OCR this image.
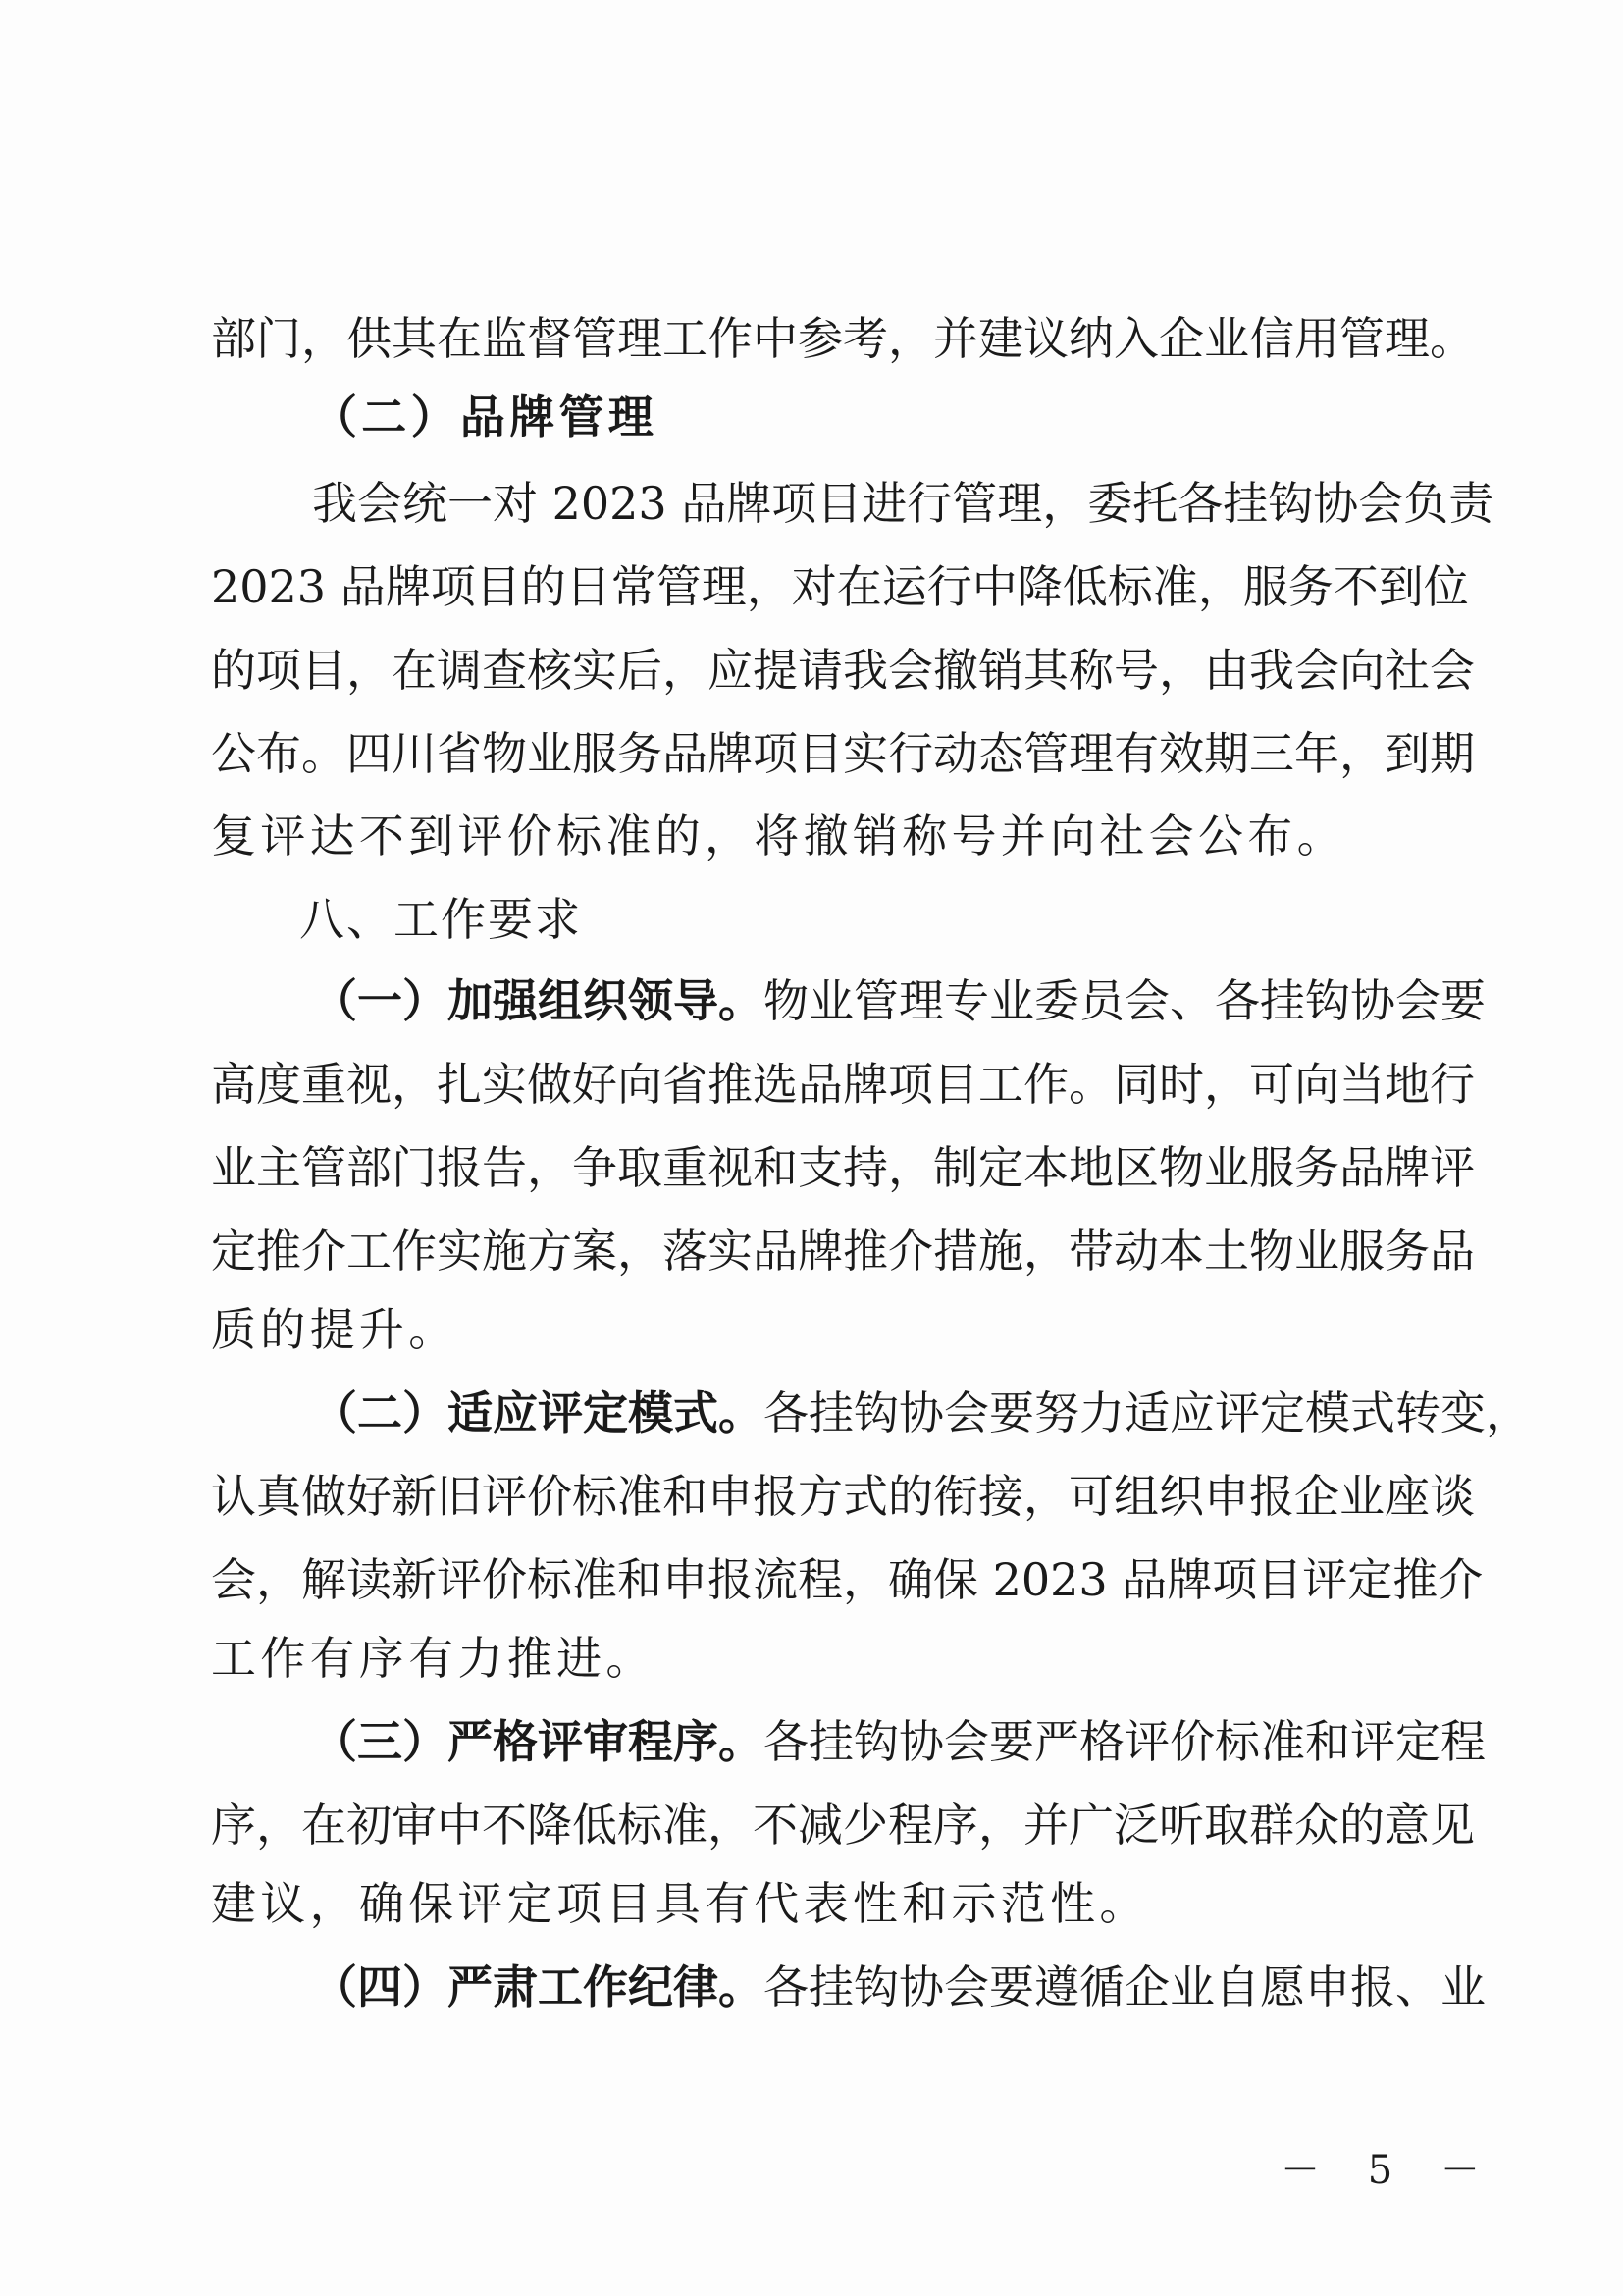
部门，供其在监督管理工作中参考，并建议纳入企业信用管理。
（二）品牌管理
我会统一对 2023 品牌项目进行管理，委托各挂钩协会负责
2023 品牌项目的日常管理，对在运行中降低标准，服务不到位
的项目，在调查核实后，应提请我会撤销其称号，由我会向社会
公布。四川省物业服务品牌项目实行动态管理有效期三年，到期
复评达不到评价标准的，将撤销称号并向社会公布。
八、工作要求
（一）加强组织领导。物业管理专业委员会、各挂钩协会要
高度重视，扎实做好向省推选品牌项目工作。同时，可向当地行
业主管部门报告，争取重视和支持，制定本地区物业服务品牌评
定推介工作实施方案，落实品牌推介措施，带动本土物业服务品
质的提升。
（二）适应评定模式。各挂钩协会要努力适应评定模式转变，
认真做好新旧评价标准和申报方式的衔接，可组织申报企业座谈
会，解读新评价标准和申报流程，确保 2023 品牌项目评定推介
工作有序有力推进。
（三）严格评审程序。各挂钩协会要严格评价标准和评定程
序，在初审中不降低标准，不减少程序，并广泛听取群众的意见
建议，确保评定项目具有代表性和示范性。
（四）严肃工作纪律。各挂钩协会要遵循企业自愿申报、业
－ 5 －
